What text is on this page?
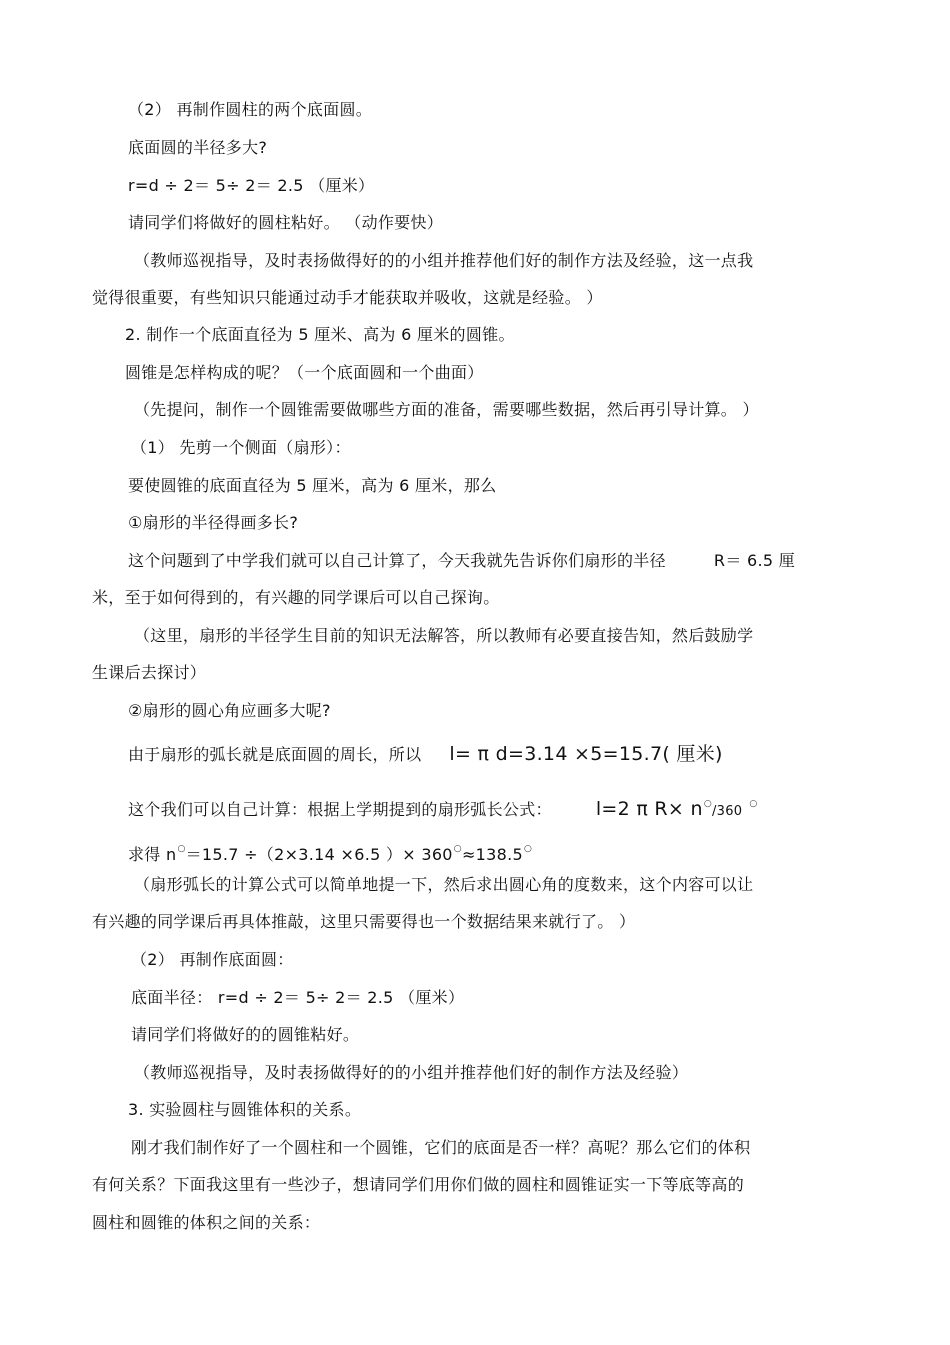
（2） 再制作圆柱的两个底面圆。
底面圆的半径多大?
r=d ÷ 2＝ 5÷ 2＝ 2.5 （厘米）
请同学们将做好的圆柱粘好。 （动作要快）
（教师巡视指导，及时表扬做得好的的小组并推荐他们好的制作方法及经验，这一点我
觉得很重要，有些知识只能通过动手才能获取并吸收，这就是经验。 ）
2. 制作一个底面直径为 5 厘米、高为 6 厘米的圆锥。
圆锥是怎样构成的呢？（一个底面圆和一个曲面）
（先提问，制作一个圆锥需要做哪些方面的准备，需要哪些数据，然后再引导计算。 ）
（1） 先剪一个侧面（扇形）：
要使圆锥的底面直径为 5 厘米，高为 6 厘米，那么
①扇形的半径得画多长?
这个问题到了中学我们就可以自己计算了，今天我就先告诉你们扇形的半径	R＝ 6.5 厘
米，至于如何得到的，有兴趣的同学课后可以自己探询。
（这里，扇形的半径学生目前的知识无法解答，所以教师有必要直接告知，然后鼓励学
生课后去探讨）
②扇形的圆心角应画多大呢?
由于扇形的弧长就是底面圆的周长，所以 l= π d=3.14 ×5=15.7( 厘米)
这个我们可以自己计算：根据上学期提到的扇形弧长公式： l=2 π R× n○/360 ○
求得 n○＝15.7 ÷（2×3.14 ×6.5 ）× 360○≈138.5○
（扇形弧长的计算公式可以简单地提一下，然后求出圆心角的度数来，这个内容可以让
有兴趣的同学课后再具体推敲，这里只需要得也一个数据结果来就行了。 ）
（2） 再制作底面圆：
底面半径： r=d ÷ 2＝ 5÷ 2＝ 2.5 （厘米）
请同学们将做好的的圆锥粘好。
（教师巡视指导，及时表扬做得好的的小组并推荐他们好的制作方法及经验）
3. 实验圆柱与圆锥体积的关系。
刚才我们制作好了一个圆柱和一个圆锥，它们的底面是否一样？高呢？那么它们的体积
有何关系？下面我这里有一些沙子，想请同学们用你们做的圆柱和圆锥证实一下等底等高的
圆柱和圆锥的体积之间的关系：
